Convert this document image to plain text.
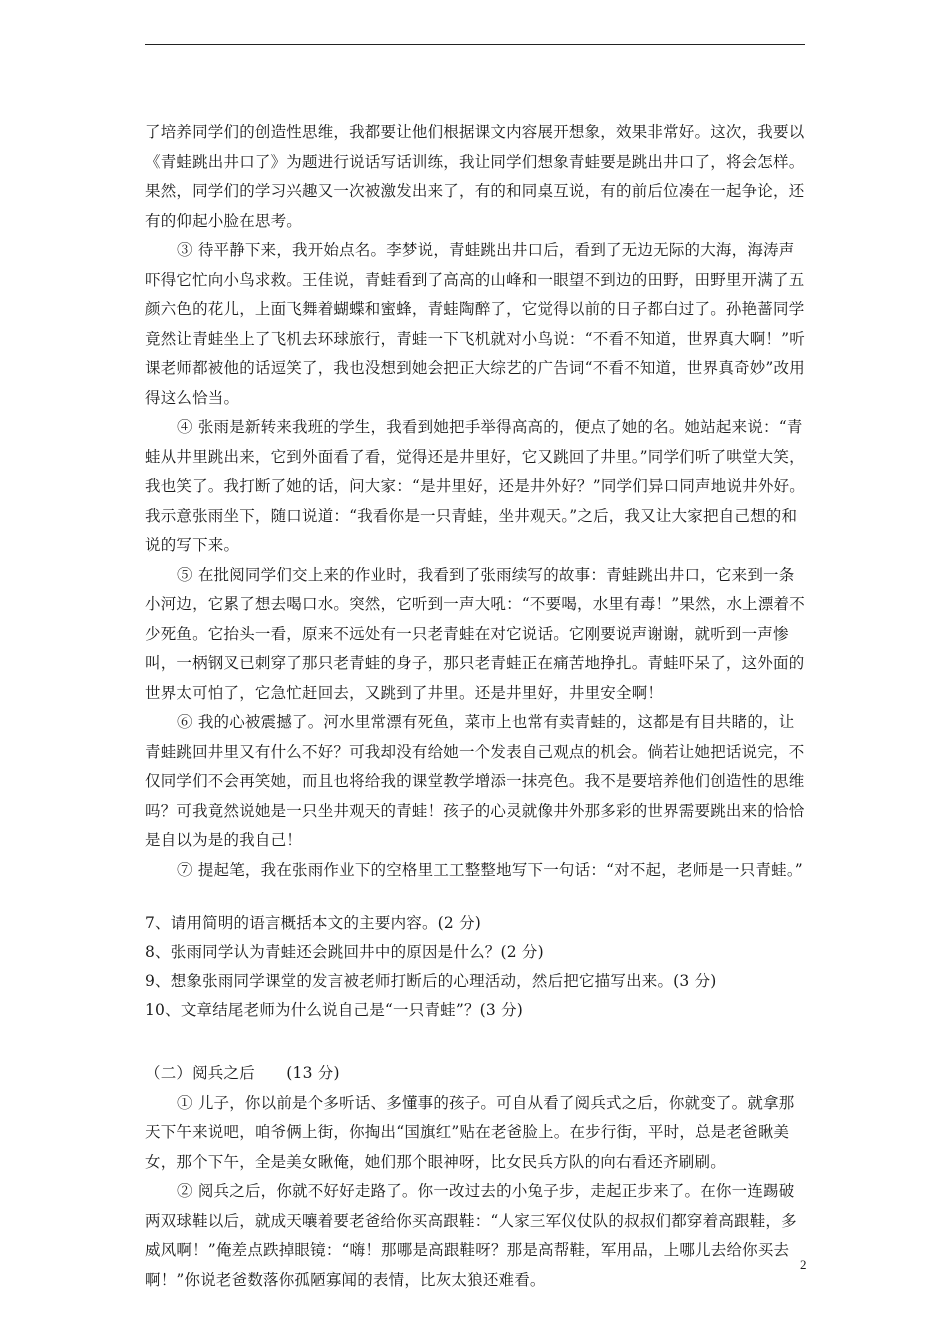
了培养同学们的创造性思维，我都要让他们根据课文内容展开想象，效果非常好。这次，我要以《青蛙跳出井口了》为题进行说话写话训练，我让同学们想象青蛙要是跳出井口了，将会怎样。果然，同学们的学习兴趣又一次被激发出来了，有的和同桌互说，有的前后位凑在一起争论，还有的仰起小脸在思考。

③ 待平静下来，我开始点名。李梦说，青蛙跳出井口后，看到了无边无际的大海，海涛声吓得它忙向小鸟求救。王佳说，青蛙看到了高高的山峰和一眼望不到边的田野，田野里开满了五颜六色的花儿，上面飞舞着蝴蝶和蜜蜂，青蛙陶醉了，它觉得以前的日子都白过了。孙艳蔷同学竟然让青蛙坐上了飞机去环球旅行，青蛙一下飞机就对小鸟说：“不看不知道，世界真大啊！”听课老师都被他的话逗笑了，我也没想到她会把正大综艺的广告词“不看不知道，世界真奇妙”改用得这么恰当。

④ 张雨是新转来我班的学生，我看到她把手举得高高的，便点了她的名。她站起来说：“青蛙从井里跳出来，它到外面看了看，觉得还是井里好，它又跳回了井里。”同学们听了哄堂大笑，我也笑了。我打断了她的话，问大家：“是井里好，还是井外好？”同学们异口同声地说井外好。我示意张雨坐下，随口说道：“我看你是一只青蛙，坐井观天。”之后，我又让大家把自己想的和说的写下来。

⑤ 在批阅同学们交上来的作业时，我看到了张雨续写的故事：青蛙跳出井口，它来到一条小河边，它累了想去喝口水。突然，它听到一声大吼：“不要喝，水里有毒！”果然，水上漂着不少死鱼。它抬头一看，原来不远处有一只老青蛙在对它说话。它刚要说声谢谢，就听到一声惨叫，一柄钢叉已刺穿了那只老青蛙的身子，那只老青蛙正在痛苦地挣扎。青蛙吓呆了，这外面的世界太可怕了，它急忙赶回去，又跳到了井里。还是井里好，井里安全啊！

⑥ 我的心被震撼了。河水里常漂有死鱼，菜市上也常有卖青蛙的，这都是有目共睹的，让青蛙跳回井里又有什么不好？可我却没有给她一个发表自己观点的机会。倘若让她把话说完，不仅同学们不会再笑她，而且也将给我的课堂教学增添一抹亮色。我不是要培养他们创造性的思维吗？可我竟然说她是一只坐井观天的青蛙！孩子的心灵就像井外那多彩的世界需要跳出来的恰恰是自以为是的我自己！

⑦ 提起笔，我在张雨作业下的空格里工工整整地写下一句话：“对不起，老师是一只青蛙。”

7、请用简明的语言概括本文的主要内容。(2 分)

8、张雨同学认为青蛙还会跳回井中的原因是什么？(2 分)

9、想象张雨同学课堂的发言被老师打断后的心理活动，然后把它描写出来。(3 分)

10、文章结尾老师为什么说自己是“一只青蛙”？(3 分)

（二）阅兵之后　　(13 分)

① 儿子，你以前是个多听话、多懂事的孩子。可自从看了阅兵式之后，你就变了。就拿那天下午来说吧，咱爷俩上街，你掏出“国旗红”贴在老爸脸上。在步行街，平时，总是老爸瞅美女，那个下午，全是美女瞅俺，她们那个眼神呀，比女民兵方队的向右看还齐刷刷。

② 阅兵之后，你就不好好走路了。你一改过去的小兔子步，走起正步来了。在你一连踢破两双球鞋以后，就成天嚷着要老爸给你买高跟鞋：“人家三军仪仗队的叔叔们都穿着高跟鞋，多威风啊！”俺差点跌掉眼镜：“嗨！那哪是高跟鞋呀？那是高帮鞋，军用品，上哪儿去给你买去啊！”你说老爸数落你孤陋寡闻的表情，比灰太狼还难看。

2
